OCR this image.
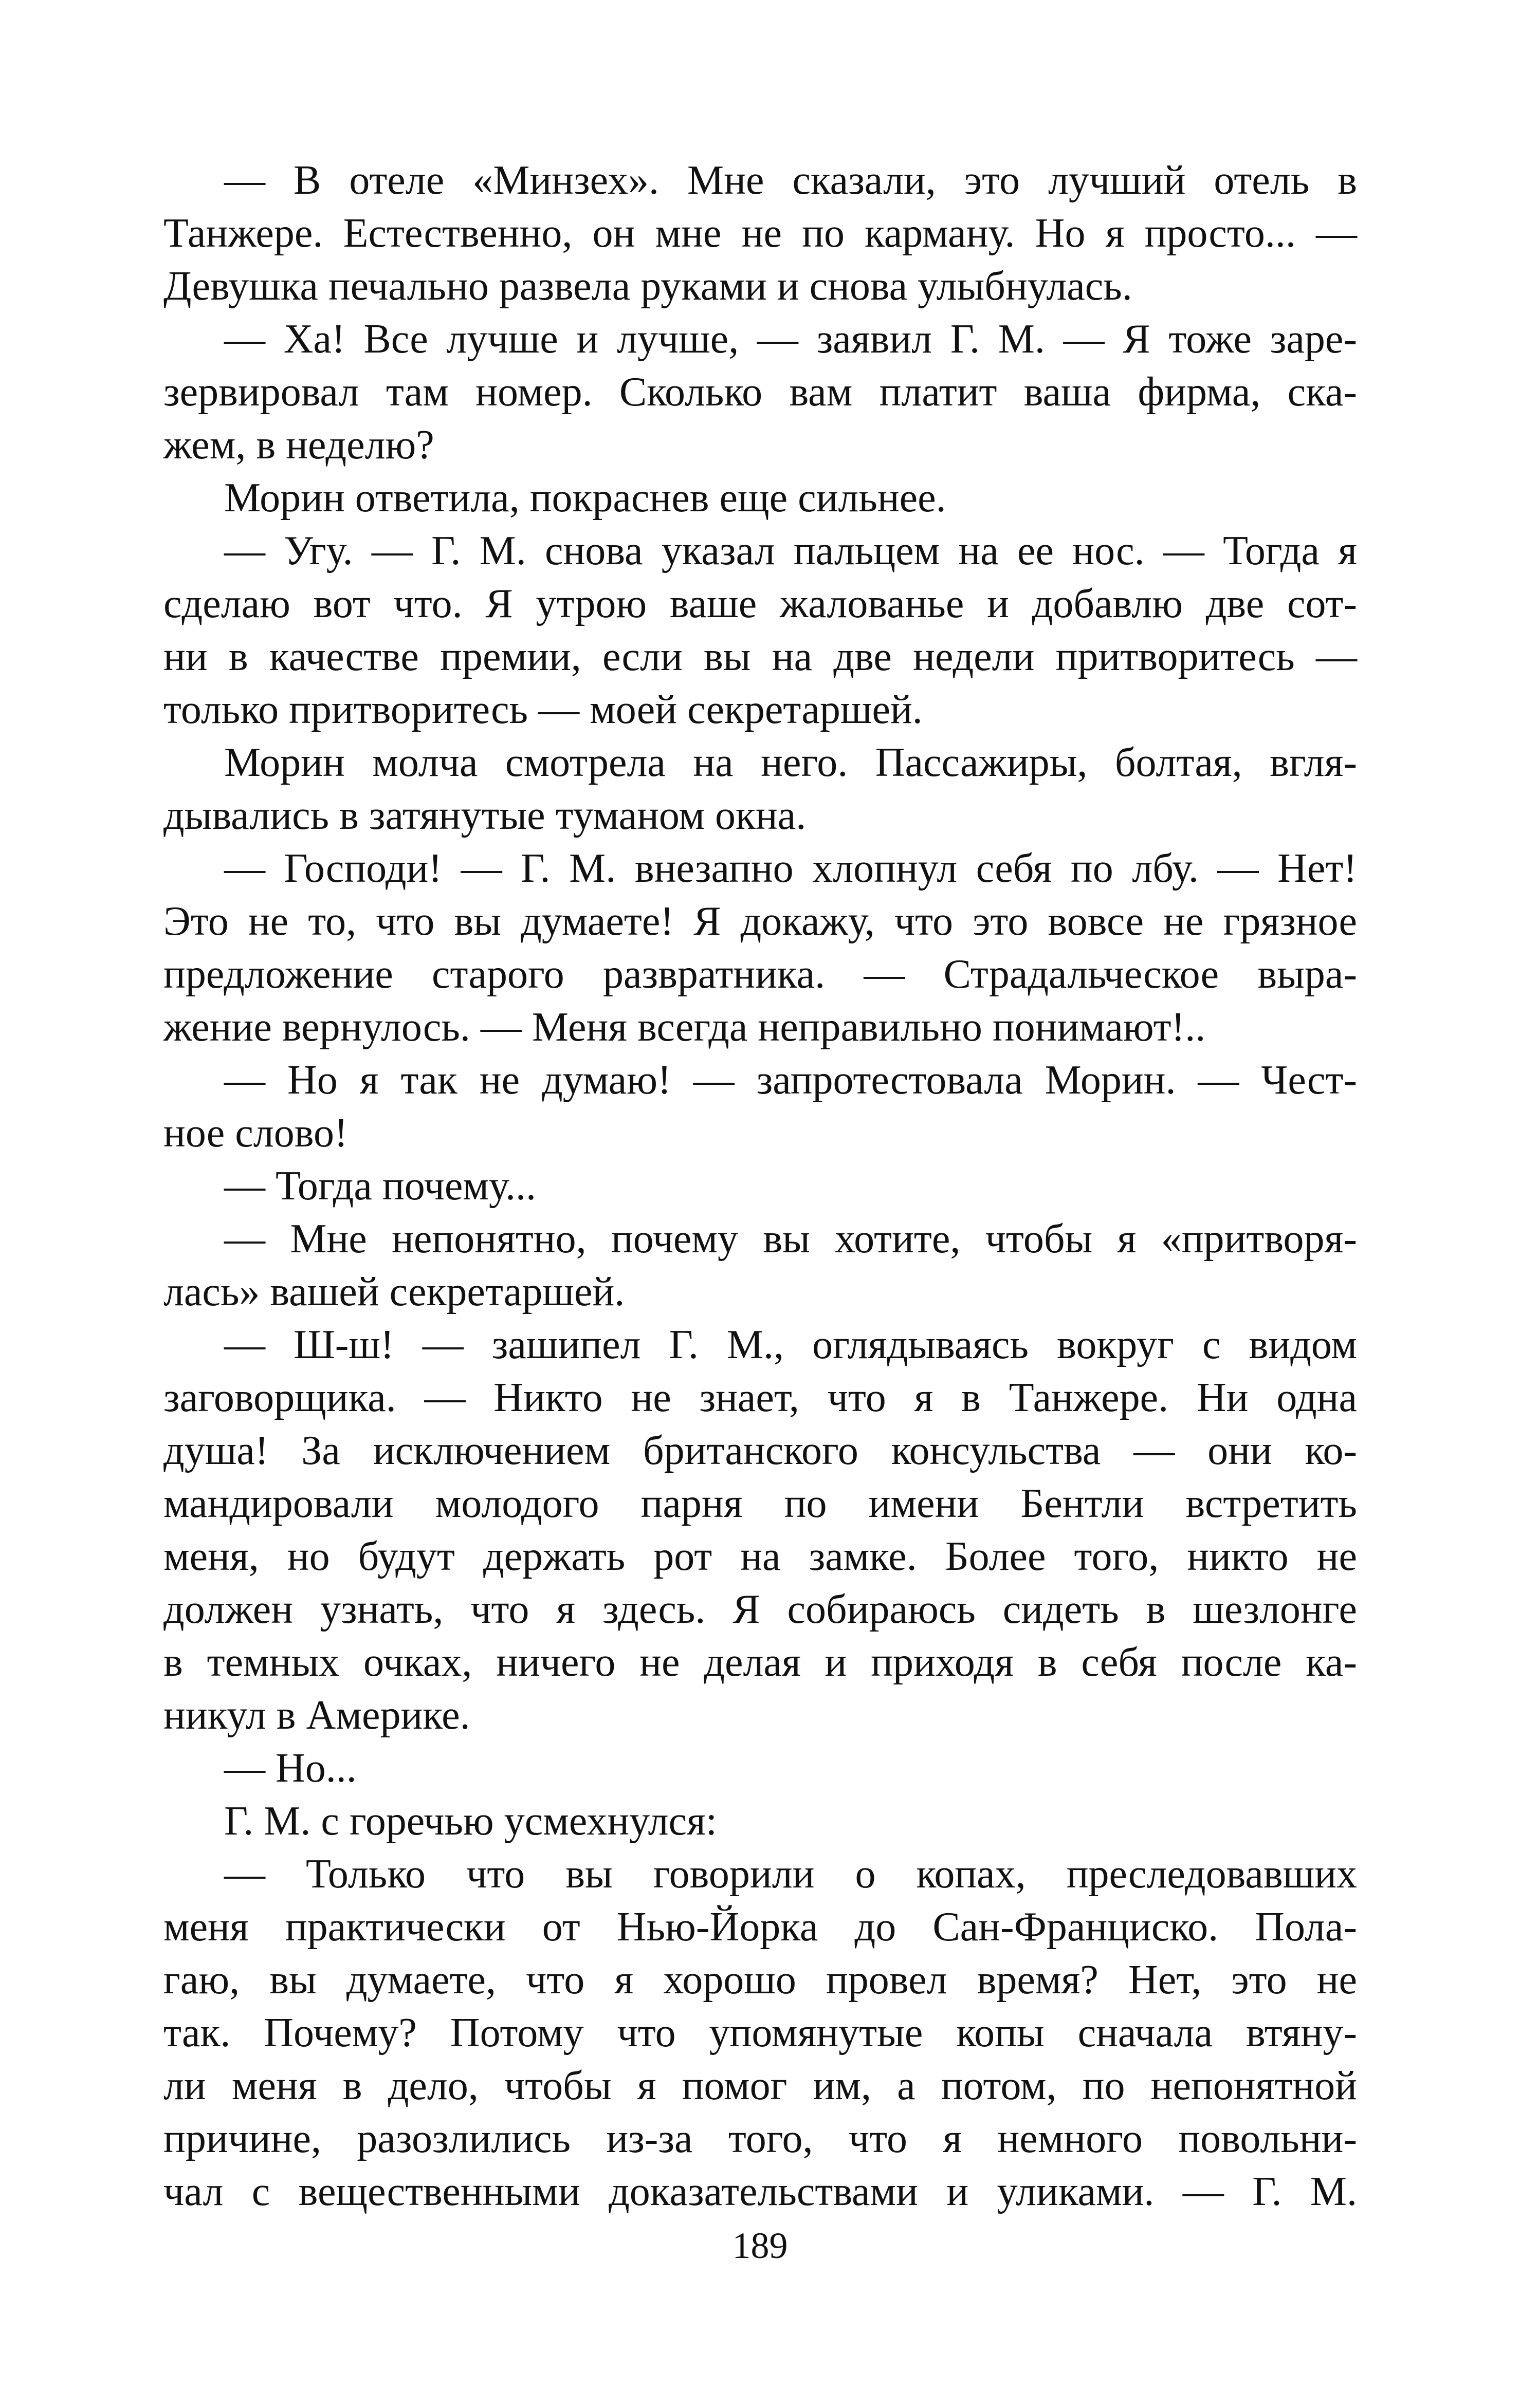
— В отеле «Минзех». Мне сказали, это лучший отель в
Танжере. Естественно, он мне не по карману. Но я просто... —
Девушка печально развела руками и снова улыбнулась.
— Ха! Все лучше и лучше, — заявил Г. М. — Я тоже заре-
зервировал там номер. Сколько вам платит ваша фирма, ска-
жем, в неделю?
Морин ответила, покраснев еще сильнее.
— Угу. — Г. М. снова указал пальцем на ее нос. — Тогда я
сделаю вот что. Я утрою ваше жалованье и добавлю две сот-
ни в качестве премии, если вы на две недели притворитесь —
только притворитесь — моей секретаршей.
Морин молча смотрела на него. Пассажиры, болтая, вгля-
дывались в затянутые туманом окна.
— Господи! — Г. М. внезапно хлопнул себя по лбу. — Нет!
Это не то, что вы думаете! Я докажу, что это вовсе не грязное
предложение старого развратника. — Страдальческое выра-
жение вернулось. — Меня всегда неправильно понимают!..
— Но я так не думаю! — запротестовала Морин. — Чест-
ное слово!
— Тогда почему...
— Мне непонятно, почему вы хотите, чтобы я «притворя-
лась» вашей секретаршей.
— Ш-ш! — зашипел Г. М., оглядываясь вокруг с видом
заговорщика. — Никто не знает, что я в Танжере. Ни одна
душа! За исключением британского консульства — они ко-
мандировали молодого парня по имени Бентли встретить
меня, но будут держать рот на замке. Более того, никто не
должен узнать, что я здесь. Я собираюсь сидеть в шезлонге
в темных очках, ничего не делая и приходя в себя после ка-
никул в Америке.
— Но...
Г. М. с горечью усмехнулся:
— Только что вы говорили о копах, преследовавших
меня практически от Нью-Йорка до Сан-Франциско. Пола-
гаю, вы думаете, что я хорошо провел время? Нет, это не
так. Почему? Потому что упомянутые копы сначала втяну-
ли меня в дело, чтобы я помог им, а потом, по непонятной
причине, разозлились из-за того, что я немного повольни-
чал с вещественными доказательствами и уликами. — Г. М.
189
